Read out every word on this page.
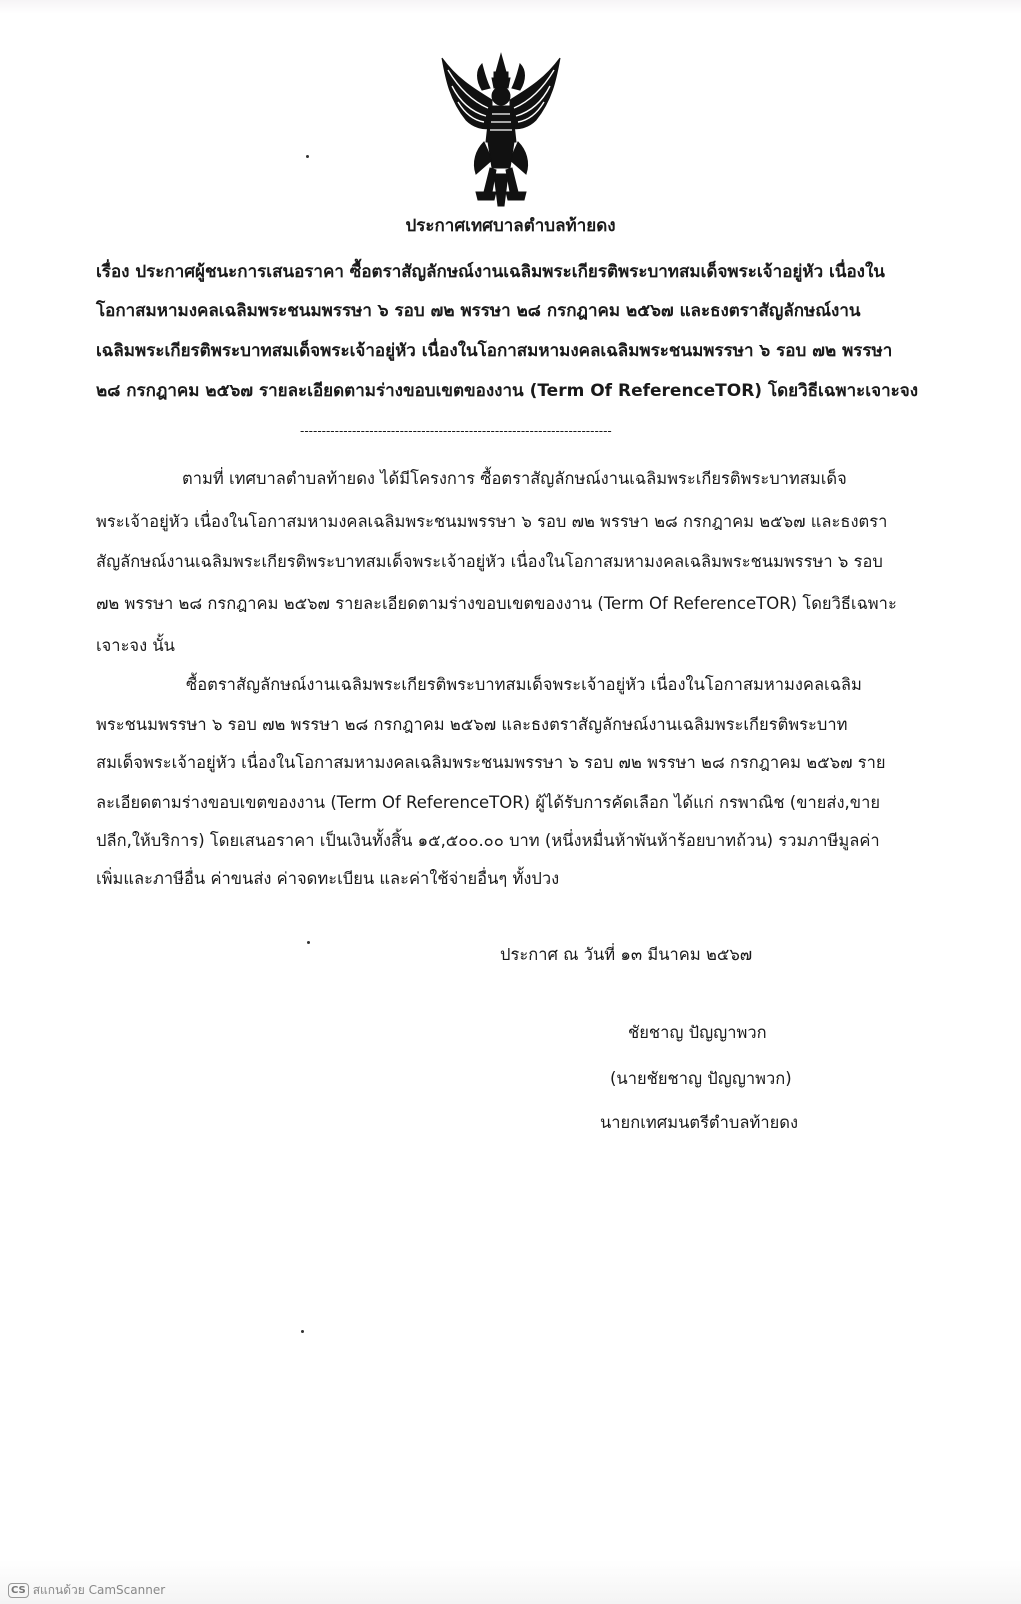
ประกาศเทศบาลตำบลท้ายดง
เรื่อง ประกาศผู้ชนะการเสนอราคา ซื้อตราสัญลักษณ์งานเฉลิมพระเกียรติพระบาทสมเด็จพระเจ้าอยู่หัว เนื่องใน
โอกาสมหามงคลเฉลิมพระชนมพรรษา ๖ รอบ ๗๒ พรรษา ๒๘ กรกฎาคม ๒๕๖๗ และธงตราสัญลักษณ์งาน
เฉลิมพระเกียรติพระบาทสมเด็จพระเจ้าอยู่หัว เนื่องในโอกาสมหามงคลเฉลิมพระชนมพรรษา ๖ รอบ ๗๒ พรรษา
๒๘ กรกฎาคม ๒๕๖๗ รายละเอียดตามร่างขอบเขตของงาน (Term Of ReferenceTOR) โดยวิธีเฉพาะเจาะจง
------------------------------------------------------------------------
ตามที่ เทศบาลตำบลท้ายดง ได้มีโครงการ ซื้อตราสัญลักษณ์งานเฉลิมพระเกียรติพระบาทสมเด็จ
พระเจ้าอยู่หัว เนื่องในโอกาสมหามงคลเฉลิมพระชนมพรรษา ๖ รอบ ๗๒ พรรษา ๒๘ กรกฎาคม ๒๕๖๗ และธงตรา
สัญลักษณ์งานเฉลิมพระเกียรติพระบาทสมเด็จพระเจ้าอยู่หัว เนื่องในโอกาสมหามงคลเฉลิมพระชนมพรรษา ๖ รอบ
๗๒ พรรษา ๒๘ กรกฎาคม ๒๕๖๗ รายละเอียดตามร่างขอบเขตของงาน (Term Of ReferenceTOR) โดยวิธีเฉพาะ
เจาะจง นั้น
ซื้อตราสัญลักษณ์งานเฉลิมพระเกียรติพระบาทสมเด็จพระเจ้าอยู่หัว เนื่องในโอกาสมหามงคลเฉลิม
พระชนมพรรษา ๖ รอบ ๗๒ พรรษา ๒๘ กรกฎาคม ๒๕๖๗ และธงตราสัญลักษณ์งานเฉลิมพระเกียรติพระบาท
สมเด็จพระเจ้าอยู่หัว เนื่องในโอกาสมหามงคลเฉลิมพระชนมพรรษา ๖ รอบ ๗๒ พรรษา ๒๘ กรกฎาคม ๒๕๖๗ ราย
ละเอียดตามร่างขอบเขตของงาน (Term Of ReferenceTOR) ผู้ได้รับการคัดเลือก ได้แก่ กรพาณิช (ขายส่ง,ขาย
ปลีก,ให้บริการ) โดยเสนอราคา เป็นเงินทั้งสิ้น ๑๕,๕๐๐.๐๐ บาท (หนึ่งหมื่นห้าพันห้าร้อยบาทถ้วน) รวมภาษีมูลค่า
เพิ่มและภาษีอื่น ค่าขนส่ง ค่าจดทะเบียน และค่าใช้จ่ายอื่นๆ ทั้งปวง
ประกาศ ณ วันที่ ๑๓ มีนาคม ๒๕๖๗
ชัยชาญ ปัญญาพวก
(นายชัยชาญ ปัญญาพวก)
นายกเทศมนตรีตำบลท้ายดง
CS สแกนด้วย CamScanner
